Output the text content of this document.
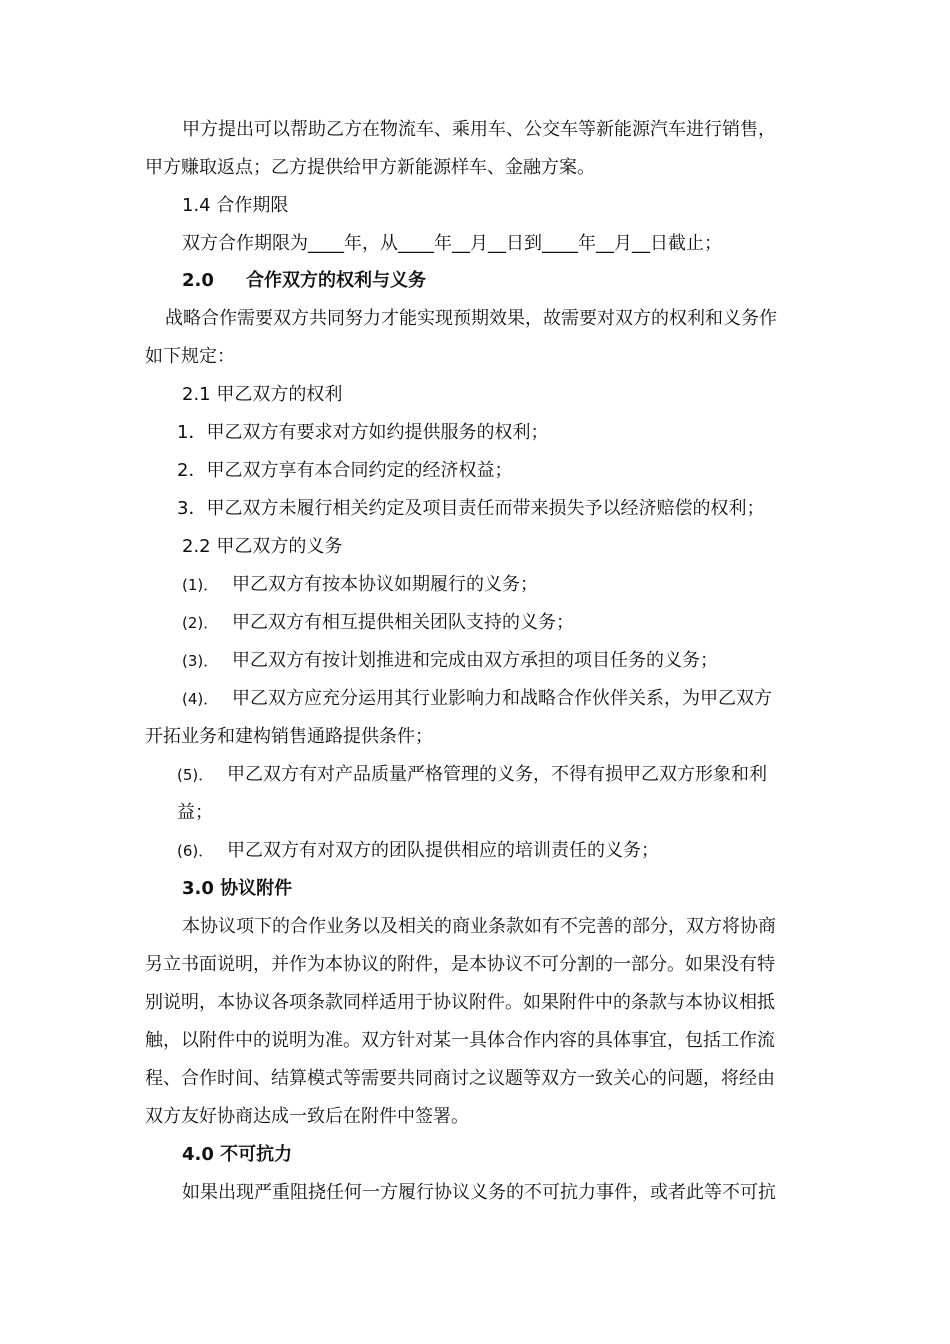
甲方提出可以帮助乙方在物流车、乘用车、公交车等新能源汽车进行销售，
甲方赚取返点；乙方提供给甲方新能源样车、金融方案。
1.4 合作期限
双方合作期限为____年，从____年__月__日到____年__月__日截止；
2.0 合作双方的权利与义务
战略合作需要双方共同努力才能实现预期效果，故需要对双方的权利和义务作
如下规定：
2.1 甲乙双方的权利
1．甲乙双方有要求对方如约提供服务的权利；
2．甲乙双方享有本合同约定的经济权益；
3．甲乙双方未履行相关约定及项目责任而带来损失予以经济赔偿的权利；
2.2 甲乙双方的义务
(1)． 甲乙双方有按本协议如期履行的义务；
(2)． 甲乙双方有相互提供相关团队支持的义务；
(3)． 甲乙双方有按计划推进和完成由双方承担的项目任务的义务；
(4)． 甲乙双方应充分运用其行业影响力和战略合作伙伴关系，为甲乙双方
开拓业务和建构销售通路提供条件；
(5)． 甲乙双方有对产品质量严格管理的义务，不得有损甲乙双方形象和利
益；
(6)． 甲乙双方有对双方的团队提供相应的培训责任的义务；
3.0 协议附件
本协议项下的合作业务以及相关的商业条款如有不完善的部分，双方将协商
另立书面说明，并作为本协议的附件，是本协议不可分割的一部分。如果没有特
别说明，本协议各项条款同样适用于协议附件。如果附件中的条款与本协议相抵
触，以附件中的说明为准。双方针对某一具体合作内容的具体事宜，包括工作流
程、合作时间、结算模式等需要共同商讨之议题等双方一致关心的问题，将经由
双方友好协商达成一致后在附件中签署。
4.0 不可抗力
如果出现严重阻挠任何一方履行协议义务的不可抗力事件，或者此等不可抗
